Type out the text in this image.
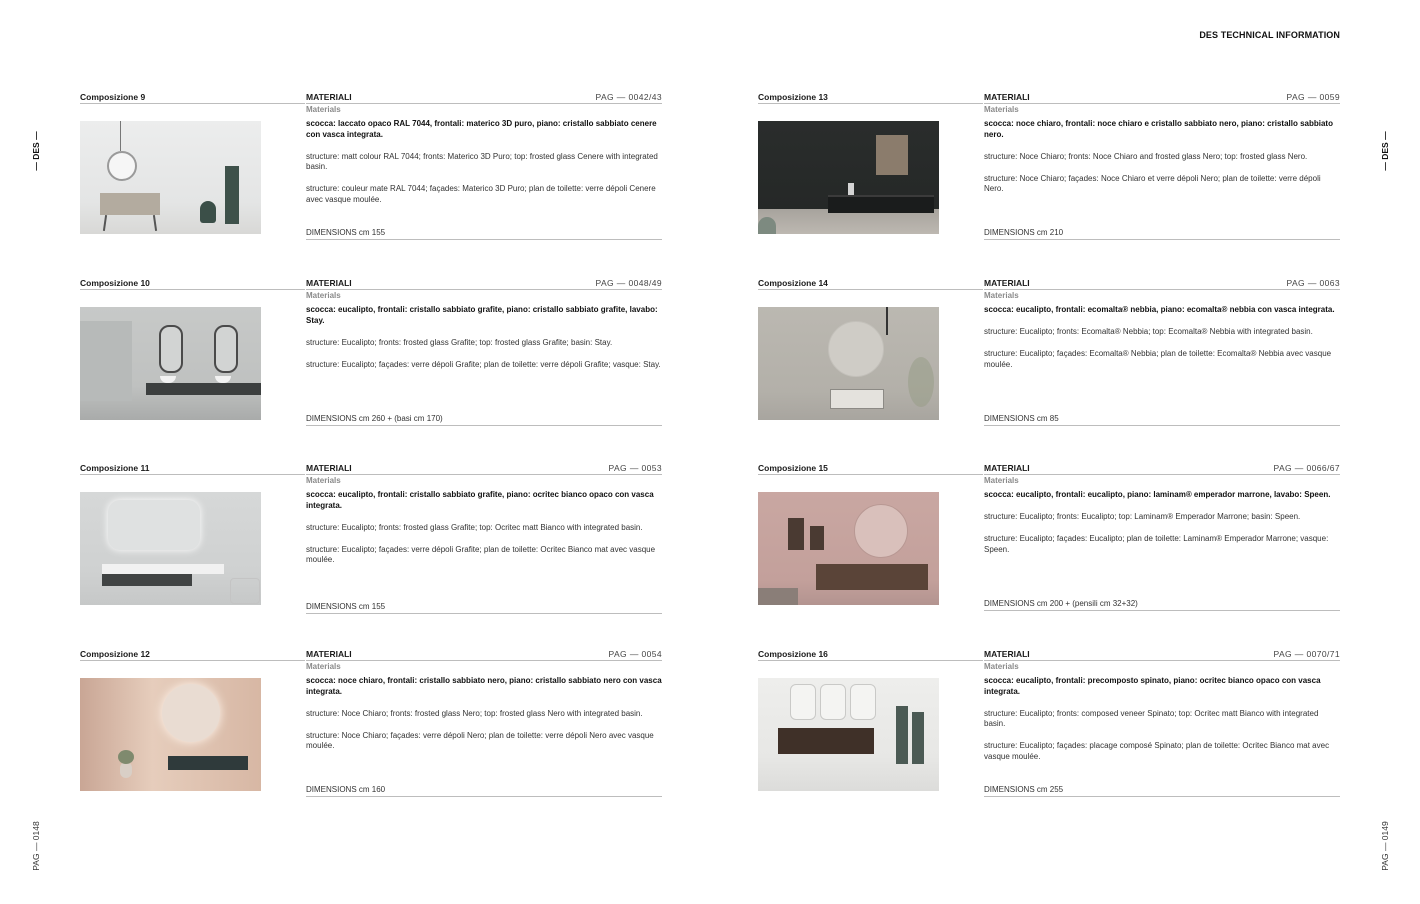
DES TECHNICAL INFORMATION
— DES —	— DES —
PAG — 0148	PAG — 0149
Composizione 9	MATERIALI	PAG — 0042/43
Materials

scocca: laccato opaco RAL 7044, frontali: materico 3D puro, piano: cristallo sabbiato cenere con vasca integrata.

structure: matt colour RAL 7044; fronts: Materico 3D Puro; top: frosted glass Cenere with integrated basin.

structure: couleur mate RAL 7044; façades: Materico 3D Puro; plan de toilette: verre dépoli Cenere avec vasque moulée.

DIMENSIONS cm 155
Composizione 10	MATERIALI	PAG — 0048/49
Materials

scocca: eucalipto, frontali: cristallo sabbiato grafite, piano: cristallo sabbiato grafite, lavabo: Stay.

structure: Eucalipto; fronts: frosted glass Grafite; top: frosted glass Grafite; basin: Stay.

structure: Eucalipto; façades: verre dépoli Grafite; plan de toilette: verre dépoli Grafite; vasque: Stay.

DIMENSIONS cm 260 + (basi cm 170)
Composizione 11	MATERIALI	PAG — 0053
Materials

scocca: eucalipto, frontali: cristallo sabbiato grafite, piano: ocritec bianco opaco con vasca integrata.

structure: Eucalipto; fronts: frosted glass Grafite; top: Ocritec matt Bianco with integrated basin.

structure: Eucalipto; façades: verre dépoli Grafite; plan de toilette: Ocritec Bianco mat avec vasque moulée.

DIMENSIONS cm 155
Composizione 12	MATERIALI	PAG — 0054
Materials

scocca: noce chiaro, frontali: cristallo sabbiato nero, piano: cristallo sabbiato nero con vasca integrata.

structure: Noce Chiaro; fronts: frosted glass Nero; top: frosted glass Nero with integrated basin.

structure: Noce Chiaro; façades: verre dépoli Nero; plan de toilette: verre dépoli Nero avec vasque moulée.

DIMENSIONS cm 160
Composizione 13	MATERIALI	PAG — 0059
Materials

scocca: noce chiaro, frontali: noce chiaro e cristallo sabbiato nero, piano: cristallo sabbiato nero.

structure: Noce Chiaro; fronts: Noce Chiaro and frosted glass Nero; top: frosted glass Nero.

structure: Noce Chiaro; façades: Noce Chiaro et verre dépoli Nero; plan de toilette: verre dépoli Nero.

DIMENSIONS cm 210
Composizione 14	MATERIALI	PAG — 0063
Materials

scocca: eucalipto, frontali: ecomalta® nebbia, piano: ecomalta® nebbia con vasca integrata.

structure: Eucalipto; fronts: Ecomalta® Nebbia; top: Ecomalta® Nebbia with integrated basin.

structure: Eucalipto; façades: Ecomalta® Nebbia; plan de toilette: Ecomalta® Nebbia avec vasque moulée.

DIMENSIONS cm 85
Composizione 15	MATERIALI	PAG — 0066/67
Materials

scocca: eucalipto, frontali: eucalipto, piano: laminam® emperador marrone, lavabo: Speen.

structure: Eucalipto; fronts: Eucalipto; top: Laminam® Emperador Marrone; basin: Speen.

structure: Eucalipto; façades: Eucalipto; plan de toilette: Laminam® Emperador Marrone; vasque: Speen.

DIMENSIONS cm 200 + (pensili cm 32+32)
Composizione 16	MATERIALI	PAG — 0070/71
Materials

scocca: eucalipto, frontali: precomposto spinato, piano: ocritec bianco opaco con vasca integrata.

structure: Eucalipto; fronts: composed veneer Spinato; top: Ocritec matt Bianco with integrated basin.

structure: Eucalipto; façades: placage composé Spinato; plan de toilette: Ocritec Bianco mat avec vasque moulée.

DIMENSIONS cm 255
